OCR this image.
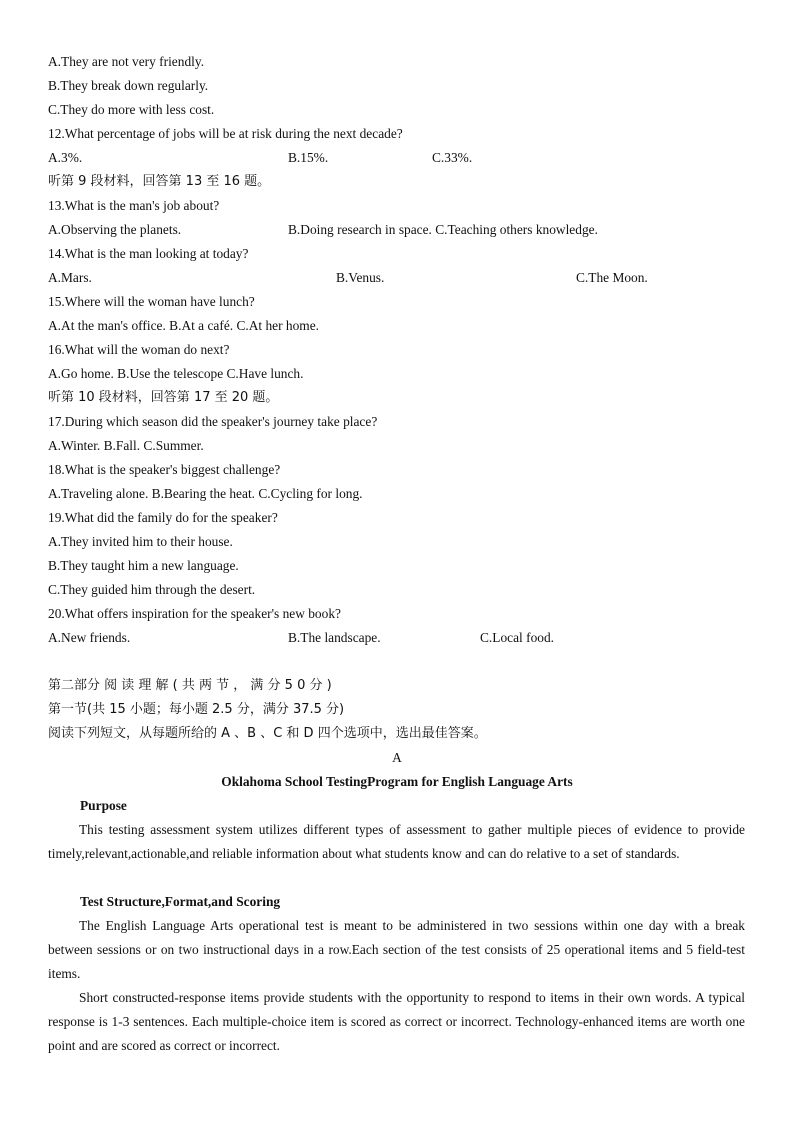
A.They are not very friendly.
B.They break down regularly.
C.They do more with less cost.
12.What percentage of jobs will be at risk during the next decade?
A.3%.	B.15%.	C.33%.
听第 9 段材料，回答第 13 至 16 题。
13.What is the man's job about?
A.Observing the planets.	B.Doing research in space. C.Teaching others knowledge.
14.What is the man looking at today?
A.Mars.	B.Venus.	C.The Moon.
15.Where will the woman have lunch?
A.At the man's office. B.At a café. C.At her home.
16.What will the woman do next?
A.Go home. B.Use the telescope C.Have lunch.
听第 10 段材料，回答第 17 至 20 题。
17.During which season did the speaker's journey take place?
A.Winter. B.Fall. C.Summer.
18.What is the speaker's biggest challenge?
A.Traveling alone. B.Bearing the heat. C.Cycling for long.
19.What did the family do for the speaker?
A.They invited him to their house.
B.They taught him a new language.
C.They guided him through the desert.
20.What offers inspiration for the speaker's new book?
A.New friends.	B.The landscape.	C.Local food.
第二部分 阅 读 理 解 ( 共 两 节 ， 满 分 5 0 分 )
第一节(共 15 小题；每小题 2.5 分，满分 37.5 分)
阅读下列短文，从每题所给的 A 、B 、C 和 D 四个选项中，选出最佳答案。
A
Oklahoma School TestingProgram for English Language Arts
Purpose
This testing assessment system utilizes different types of assessment to gather multiple pieces of evidence to provide timely,relevant,actionable,and reliable information about what students know and can do relative to a set of standards.
Test Structure,Format,and Scoring
The English Language Arts operational test is meant to be administered in two sessions within one day with a break between sessions or on two instructional days in a row.Each section of the test consists of 25 operational items and 5 field-test items.
Short constructed-response items provide students with the opportunity to respond to items in their own words. A typical response is 1-3 sentences. Each multiple-choice item is scored as correct or incorrect. Technology-enhanced items are worth one point and are scored as correct or incorrect.
